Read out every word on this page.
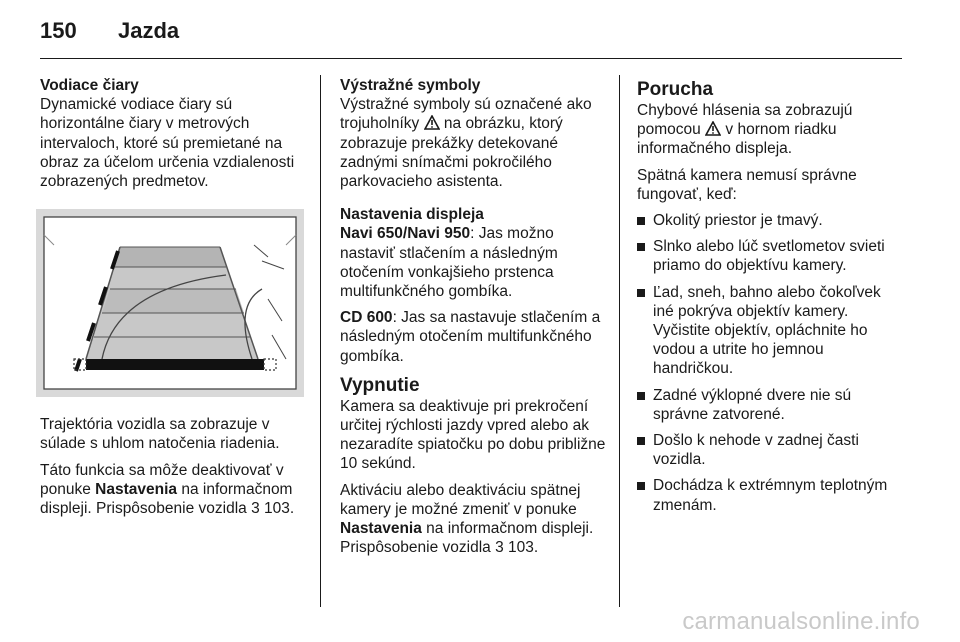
150 Jazda
Vodiace čiary

Dynamické vodiace čiary sú horizontálne čiary v metrových intervaloch, ktoré sú premietané na obraz za účelom určenia vzdialenosti zobrazených predmetov.

Trajektória vozidla sa zobrazuje v súlade s uhlom natočenia riadenia.

Táto funkcia sa môže deaktivovať v ponuke Nastavenia na informačnom displeji. Prispôsobenie vozidla 3 103.

Výstražné symboly

Výstražné symboly sú označené ako trojuholníky  na obrázku, ktorý zobrazuje prekážky detekované zadnými snímačmi pokročilého parkovacieho asistenta.

Nastavenia displeja

Navi 650/Navi 950: Jas možno nastaviť stlačením a následným otočením vonkajšieho prstenca multifunkčného gombíka.

CD 600: Jas sa nastavuje stlačením a následným otočením multifunkčného gombíka.

Vypnutie

Kamera sa deaktivuje pri prekročení určitej rýchlosti jazdy vpred alebo ak nezaradíte spiatočku po dobu približne 10 sekúnd.

Aktiváciu alebo deaktiváciu spätnej kamery je možné zmeniť v ponuke Nastavenia na informačnom displeji. Prispôsobenie vozidla 3 103.

Porucha

Chybové hlásenia sa zobrazujú pomocou  v hornom riadku informačného displeja.

Spätná kamera nemusí správne fungovať, keď:

Okolitý priestor je tmavý.
Slnko alebo lúč svetlometov svieti priamo do objektívu kamery.
Ľad, sneh, bahno alebo čokoľvek iné pokrýva objektív kamery. Vyčistite objektív, opláchnite ho vodou a utrite ho jemnou handričkou.
Zadné výklopné dvere nie sú správne zatvorené.
Došlo k nehode v zadnej časti vozidla.
Dochádza k extrémnym teplotným zmenám.
carmanualsonline.info
